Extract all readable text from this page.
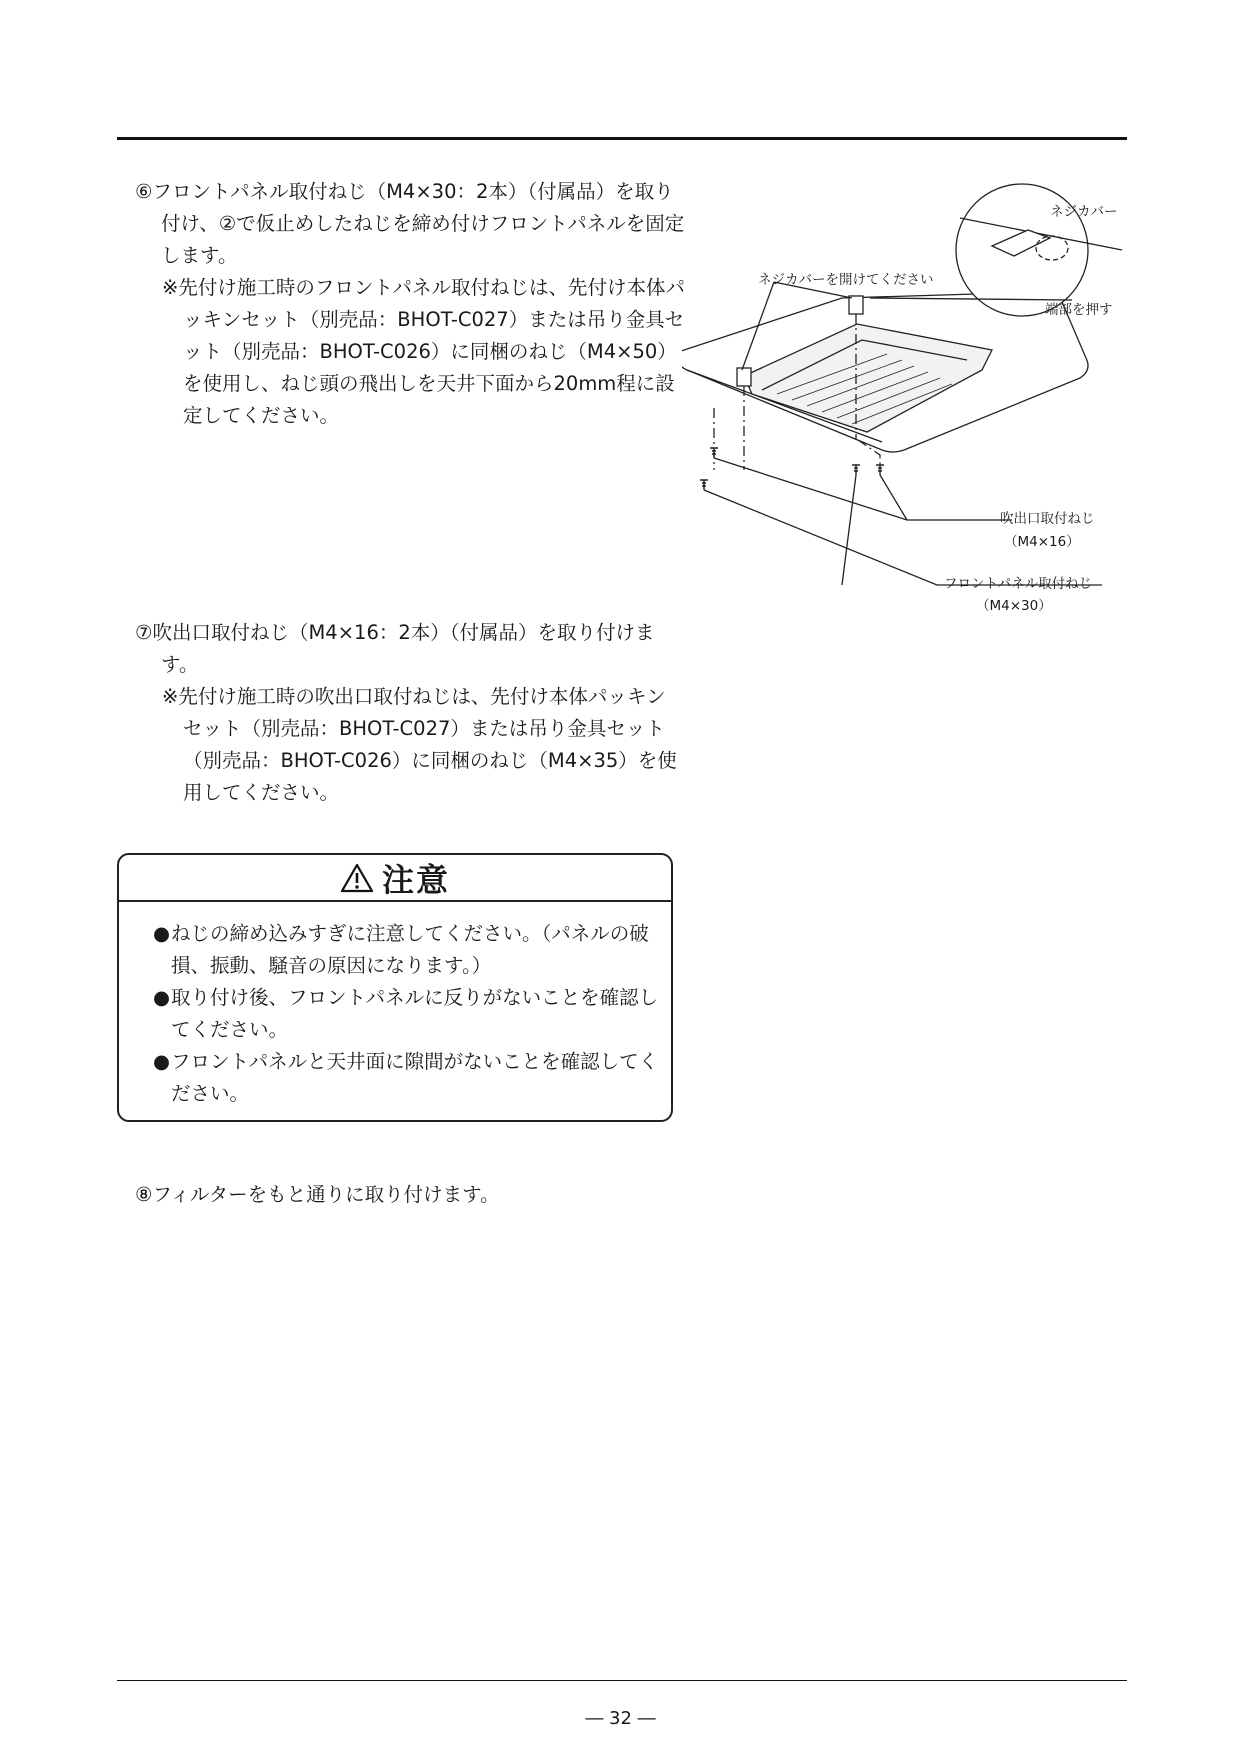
⑥フロントパネル取付ねじ（M4×30：2本）（付属品）を取り付け、②で仮止めしたねじを締め付けフロントパネルを固定します。

※先付け施工時のフロントパネル取付ねじは、先付け本体パッキンセット（別売品：BHOT-C027）または吊り金具セット（別売品：BHOT-C026）に同梱のねじ（M4×50）を使用し、ねじ頭の飛出しを天井下面から20mm程に設定してください。

ネジカバー
ネジカバーを開けてください
端部を押す
吹出口取付ねじ
（M4×16）
フロントパネル取付ねじ
（M4×30）

⑦吹出口取付ねじ（M4×16：2本）（付属品）を取り付けます。

※先付け施工時の吹出口取付ねじは、先付け本体パッキンセット（別売品：BHOT-C027）または吊り金具セット（別売品：BHOT-C026）に同梱のねじ（M4×35）を使用してください。

注意
●ねじの締め込みすぎに注意してください。（パネルの破損、振動、騒音の原因になります。）
●取り付け後、フロントパネルに反りがないことを確認してください。
●フロントパネルと天井面に隙間がないことを確認してください。

⑧フィルターをもと通りに取り付けます。

― 32 ―
